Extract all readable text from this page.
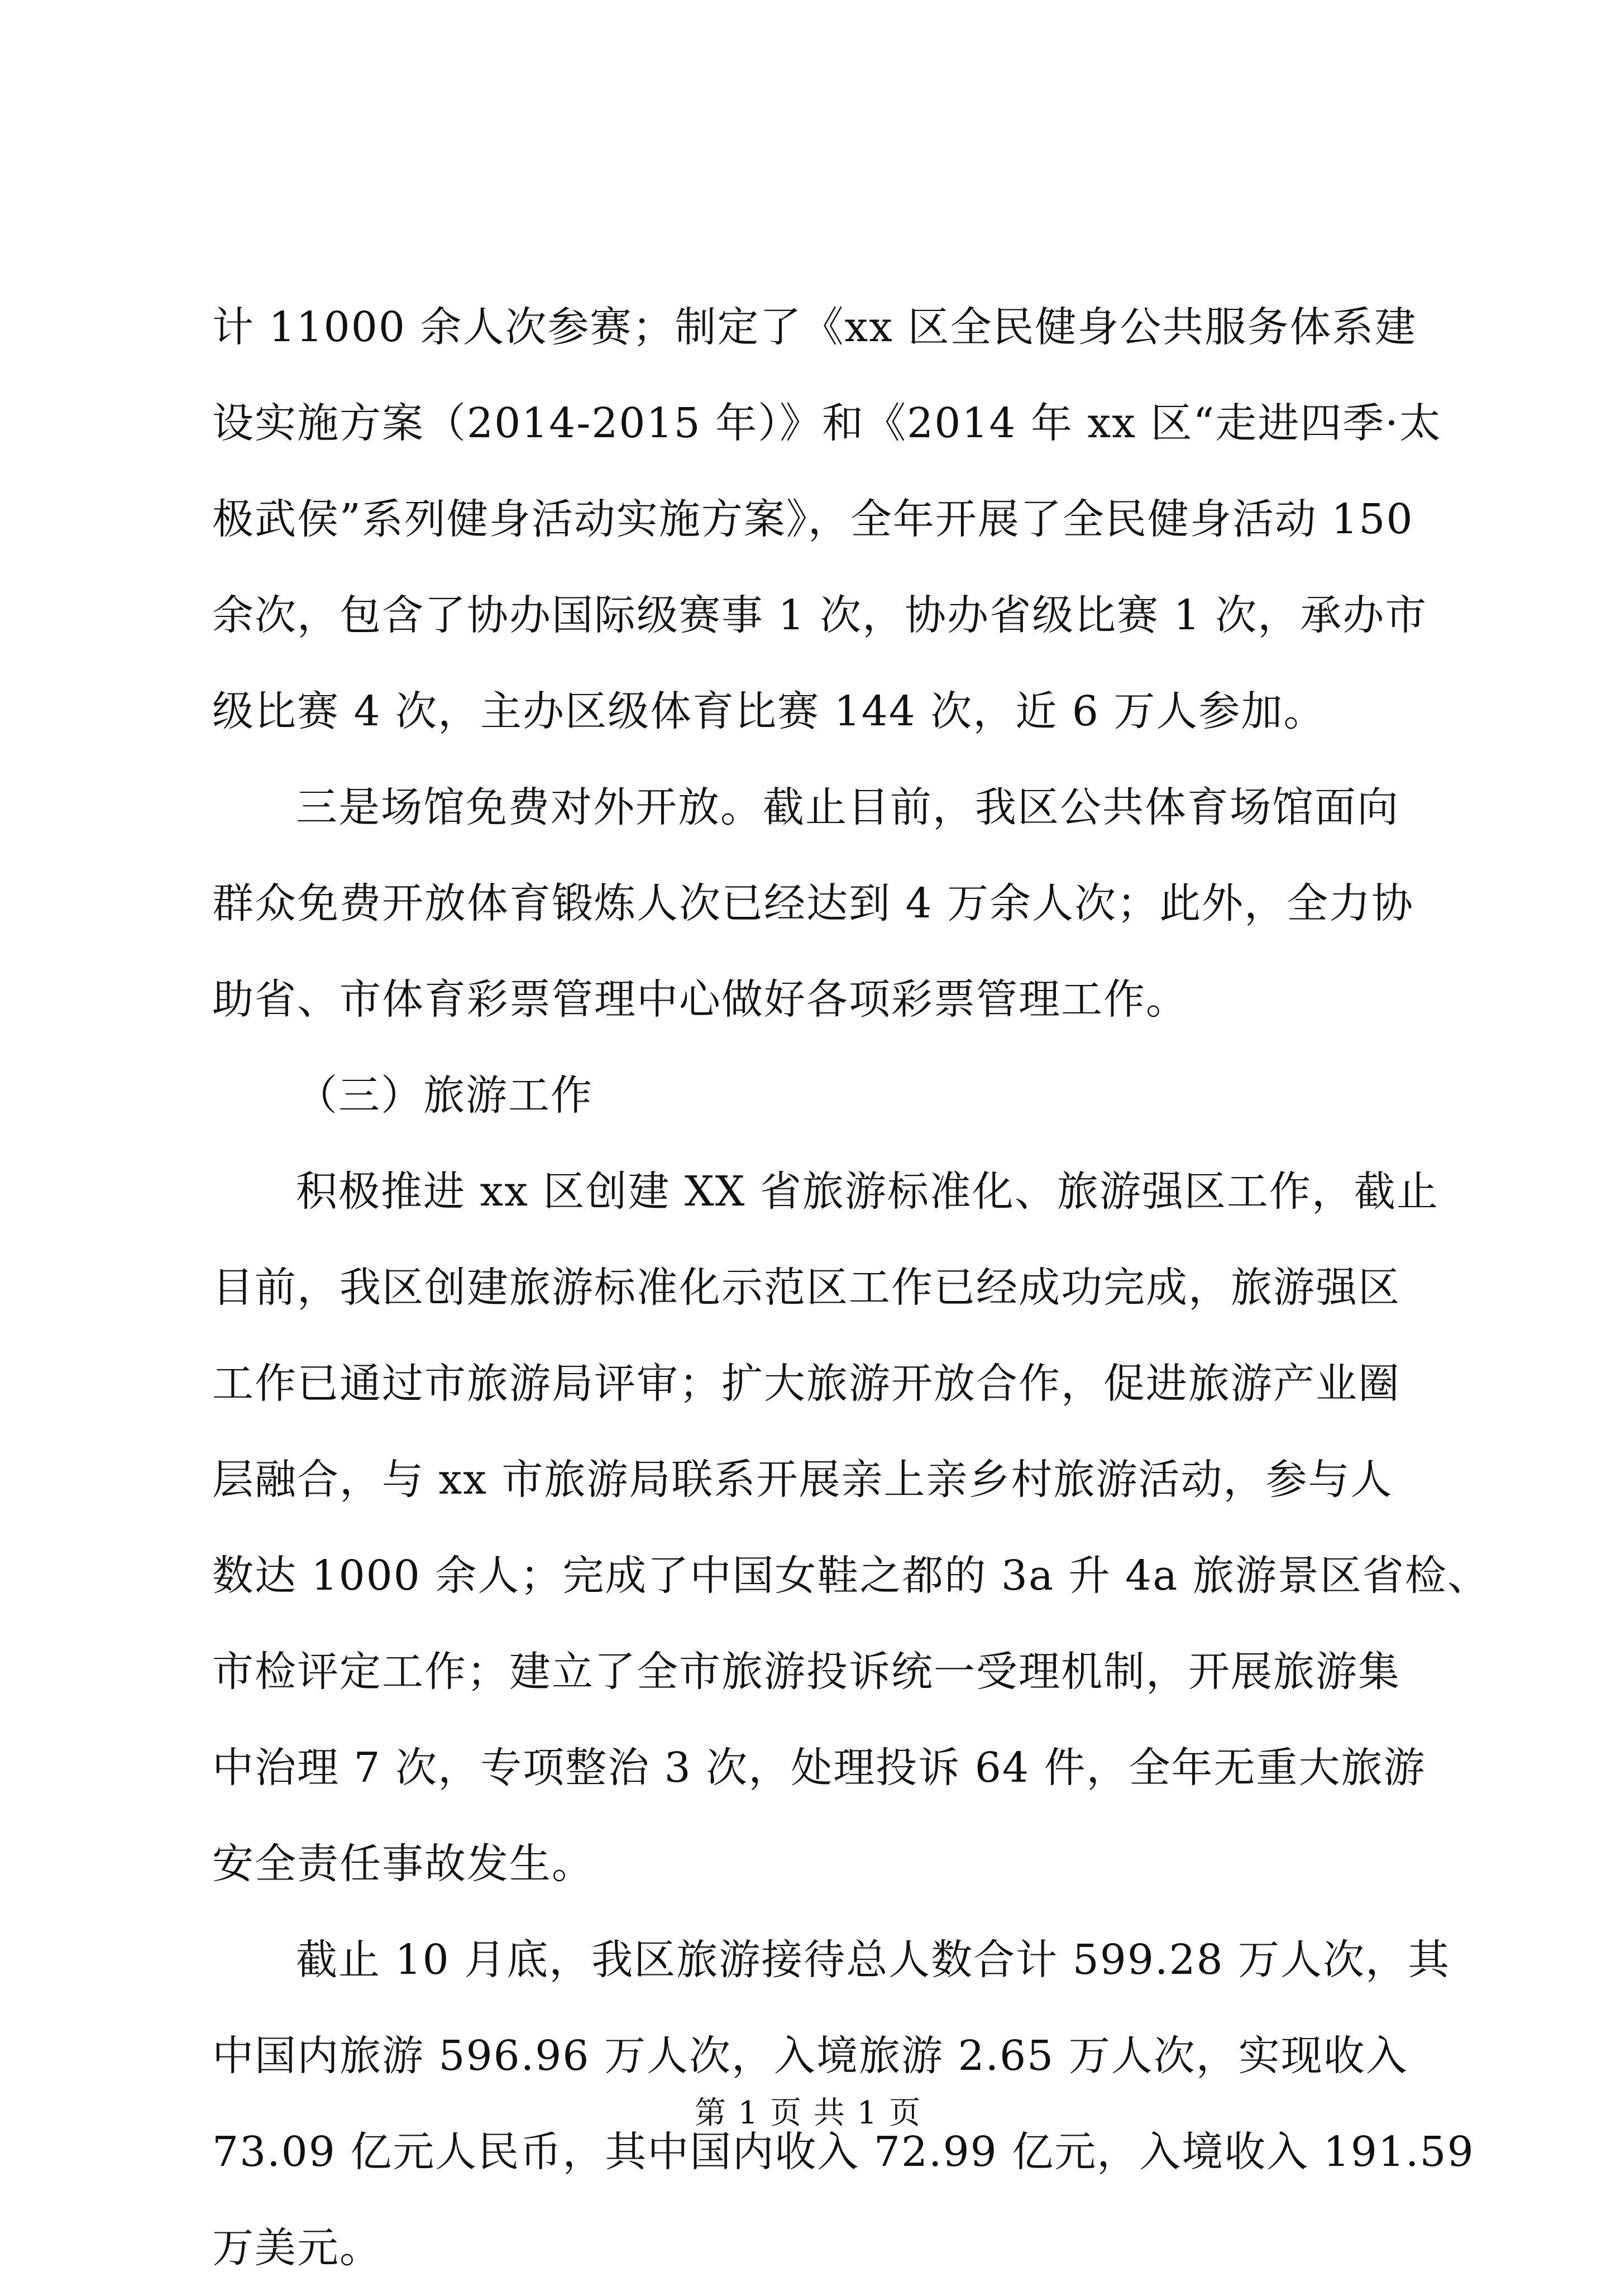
计 11000 余人次参赛；制定了《xx 区全民健身公共服务体系建
设实施方案（2014-2015 年）》和《2014 年 xx 区“走进四季·太
极武侯”系列健身活动实施方案》，全年开展了全民健身活动 150
余次，包含了协办国际级赛事 1 次，协办省级比赛 1 次，承办市
级比赛 4 次，主办区级体育比赛 144 次，近 6 万人参加。
三是场馆免费对外开放。截止目前，我区公共体育场馆面向
群众免费开放体育锻炼人次已经达到 4 万余人次；此外，全力协
助省、市体育彩票管理中心做好各项彩票管理工作。
（三）旅游工作
积极推进 xx 区创建 XX 省旅游标准化、旅游强区工作，截止
目前，我区创建旅游标准化示范区工作已经成功完成，旅游强区
工作已通过市旅游局评审；扩大旅游开放合作，促进旅游产业圈
层融合，与 xx 市旅游局联系开展亲上亲乡村旅游活动，参与人
数达 1000 余人；完成了中国女鞋之都的 3a 升 4a 旅游景区省检、
市检评定工作；建立了全市旅游投诉统一受理机制，开展旅游集
中治理 7 次，专项整治 3 次，处理投诉 64 件，全年无重大旅游
安全责任事故发生。
截止 10 月底，我区旅游接待总人数合计 599.28 万人次，其
中国内旅游 596.96 万人次，入境旅游 2.65 万人次，实现收入
73.09 亿元人民币，其中国内收入 72.99 亿元，入境收入 191.59
万美元。
第 1 页 共 1 页
